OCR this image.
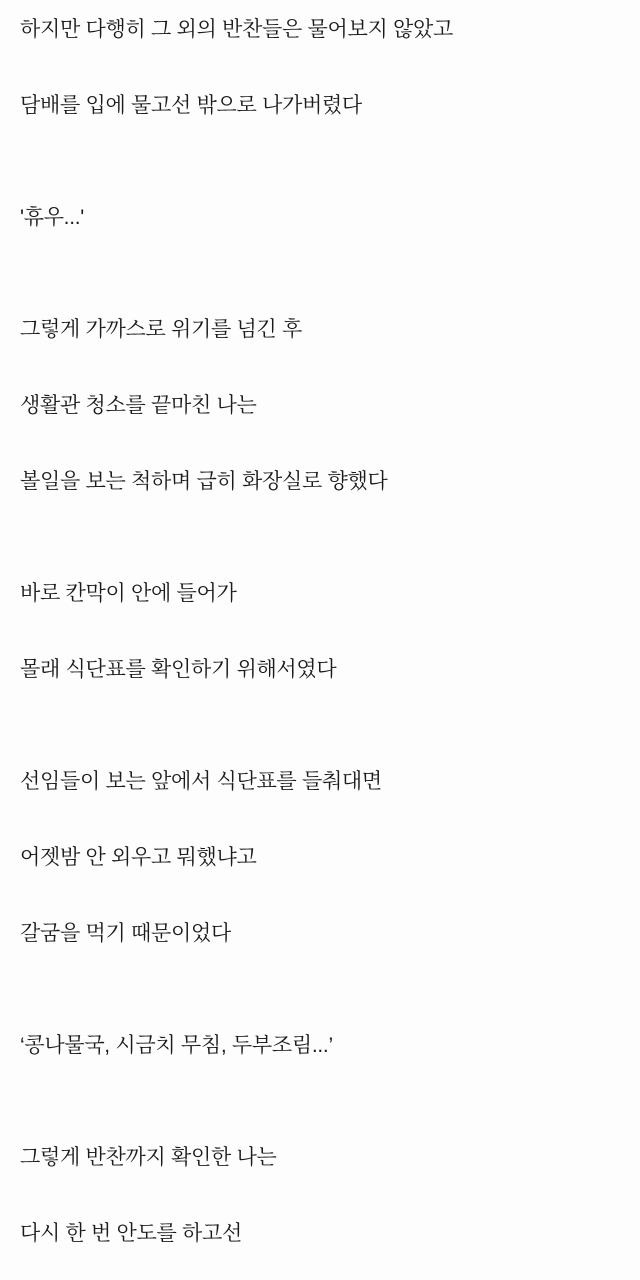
하지만 다행히 그 외의 반찬들은 물어보지 않았고
담배를 입에 물고선 밖으로 나가버렸다
'휴우...'
그렇게 가까스로 위기를 넘긴 후
생활관 청소를 끝마친 나는
볼일을 보는 척하며 급히 화장실로 향했다
바로 칸막이 안에 들어가
몰래 식단표를 확인하기 위해서였다
선임들이 보는 앞에서 식단표를 들춰대면
어젯밤 안 외우고 뭐했냐고
갈굼을 먹기 때문이었다
‘콩나물국, 시금치 무침, 두부조림...’
그렇게 반찬까지 확인한 나는
다시 한 번 안도를 하고선
